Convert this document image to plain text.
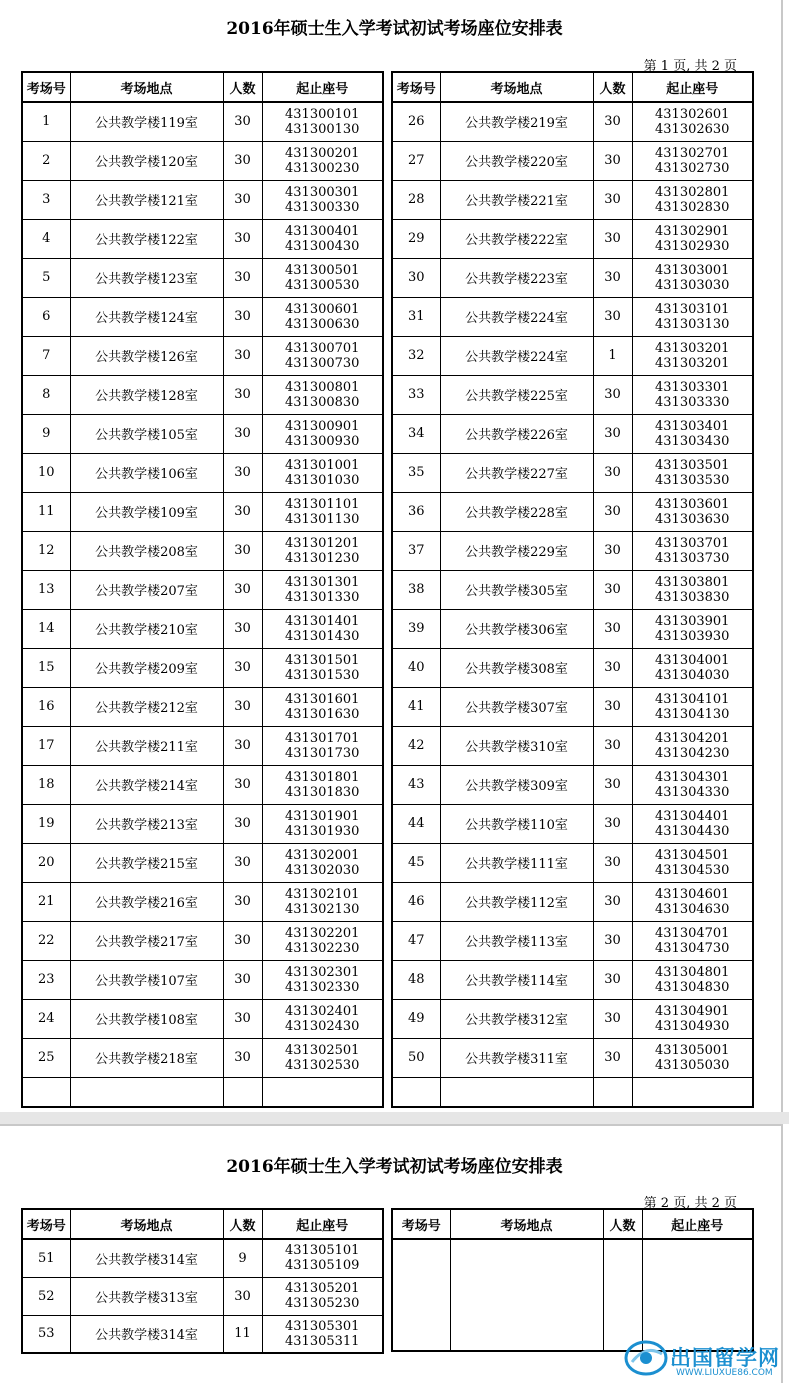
2016年硕士生入学考试初试考场座位安排表
第 1 页, 共 2 页
考场号	考场地点	人数	起止座号
1	公共教学楼119室	30	431300101
431300130

2	公共教学楼120室	30	431300201
431300230

3	公共教学楼121室	30	431300301
431300330

4	公共教学楼122室	30	431300401
431300430

5	公共教学楼123室	30	431300501
431300530

6	公共教学楼124室	30	431300601
431300630

7	公共教学楼126室	30	431300701
431300730

8	公共教学楼128室	30	431300801
431300830

9	公共教学楼105室	30	431300901
431300930

10	公共教学楼106室	30	431301001
431301030

11	公共教学楼109室	30	431301101
431301130

12	公共教学楼208室	30	431301201
431301230

13	公共教学楼207室	30	431301301
431301330

14	公共教学楼210室	30	431301401
431301430

15	公共教学楼209室	30	431301501
431301530

16	公共教学楼212室	30	431301601
431301630

17	公共教学楼211室	30	431301701
431301730

18	公共教学楼214室	30	431301801
431301830

19	公共教学楼213室	30	431301901
431301930

20	公共教学楼215室	30	431302001
431302030

21	公共教学楼216室	30	431302101
431302130

22	公共教学楼217室	30	431302201
431302230

23	公共教学楼107室	30	431302301
431302330

24	公共教学楼108室	30	431302401
431302430

25	公共教学楼218室	30	431302501
431302530

考场号	考场地点	人数	起止座号
26	公共教学楼219室	30	431302601
431302630

27	公共教学楼220室	30	431302701
431302730

28	公共教学楼221室	30	431302801
431302830

29	公共教学楼222室	30	431302901
431302930

30	公共教学楼223室	30	431303001
431303030

31	公共教学楼224室	30	431303101
431303130

32	公共教学楼224室	1	431303201
431303201

33	公共教学楼225室	30	431303301
431303330

34	公共教学楼226室	30	431303401
431303430

35	公共教学楼227室	30	431303501
431303530

36	公共教学楼228室	30	431303601
431303630

37	公共教学楼229室	30	431303701
431303730

38	公共教学楼305室	30	431303801
431303830

39	公共教学楼306室	30	431303901
431303930

40	公共教学楼308室	30	431304001
431304030

41	公共教学楼307室	30	431304101
431304130

42	公共教学楼310室	30	431304201
431304230

43	公共教学楼309室	30	431304301
431304330

44	公共教学楼110室	30	431304401
431304430

45	公共教学楼111室	30	431304501
431304530

46	公共教学楼112室	30	431304601
431304630

47	公共教学楼113室	30	431304701
431304730

48	公共教学楼114室	30	431304801
431304830

49	公共教学楼312室	30	431304901
431304930

50	公共教学楼311室	30	431305001
431305030

2016年硕士生入学考试初试考场座位安排表
第 2 页, 共 2 页
考场号	考场地点	人数	起止座号
51	公共教学楼314室	9	431305101
431305109

52	公共教学楼313室	30	431305201
431305230

53	公共教学楼314室	11	431305301
431305311
考场号	考场地点	人数	起止座号

出国留学网
WWW.LIUXUE86.COM
